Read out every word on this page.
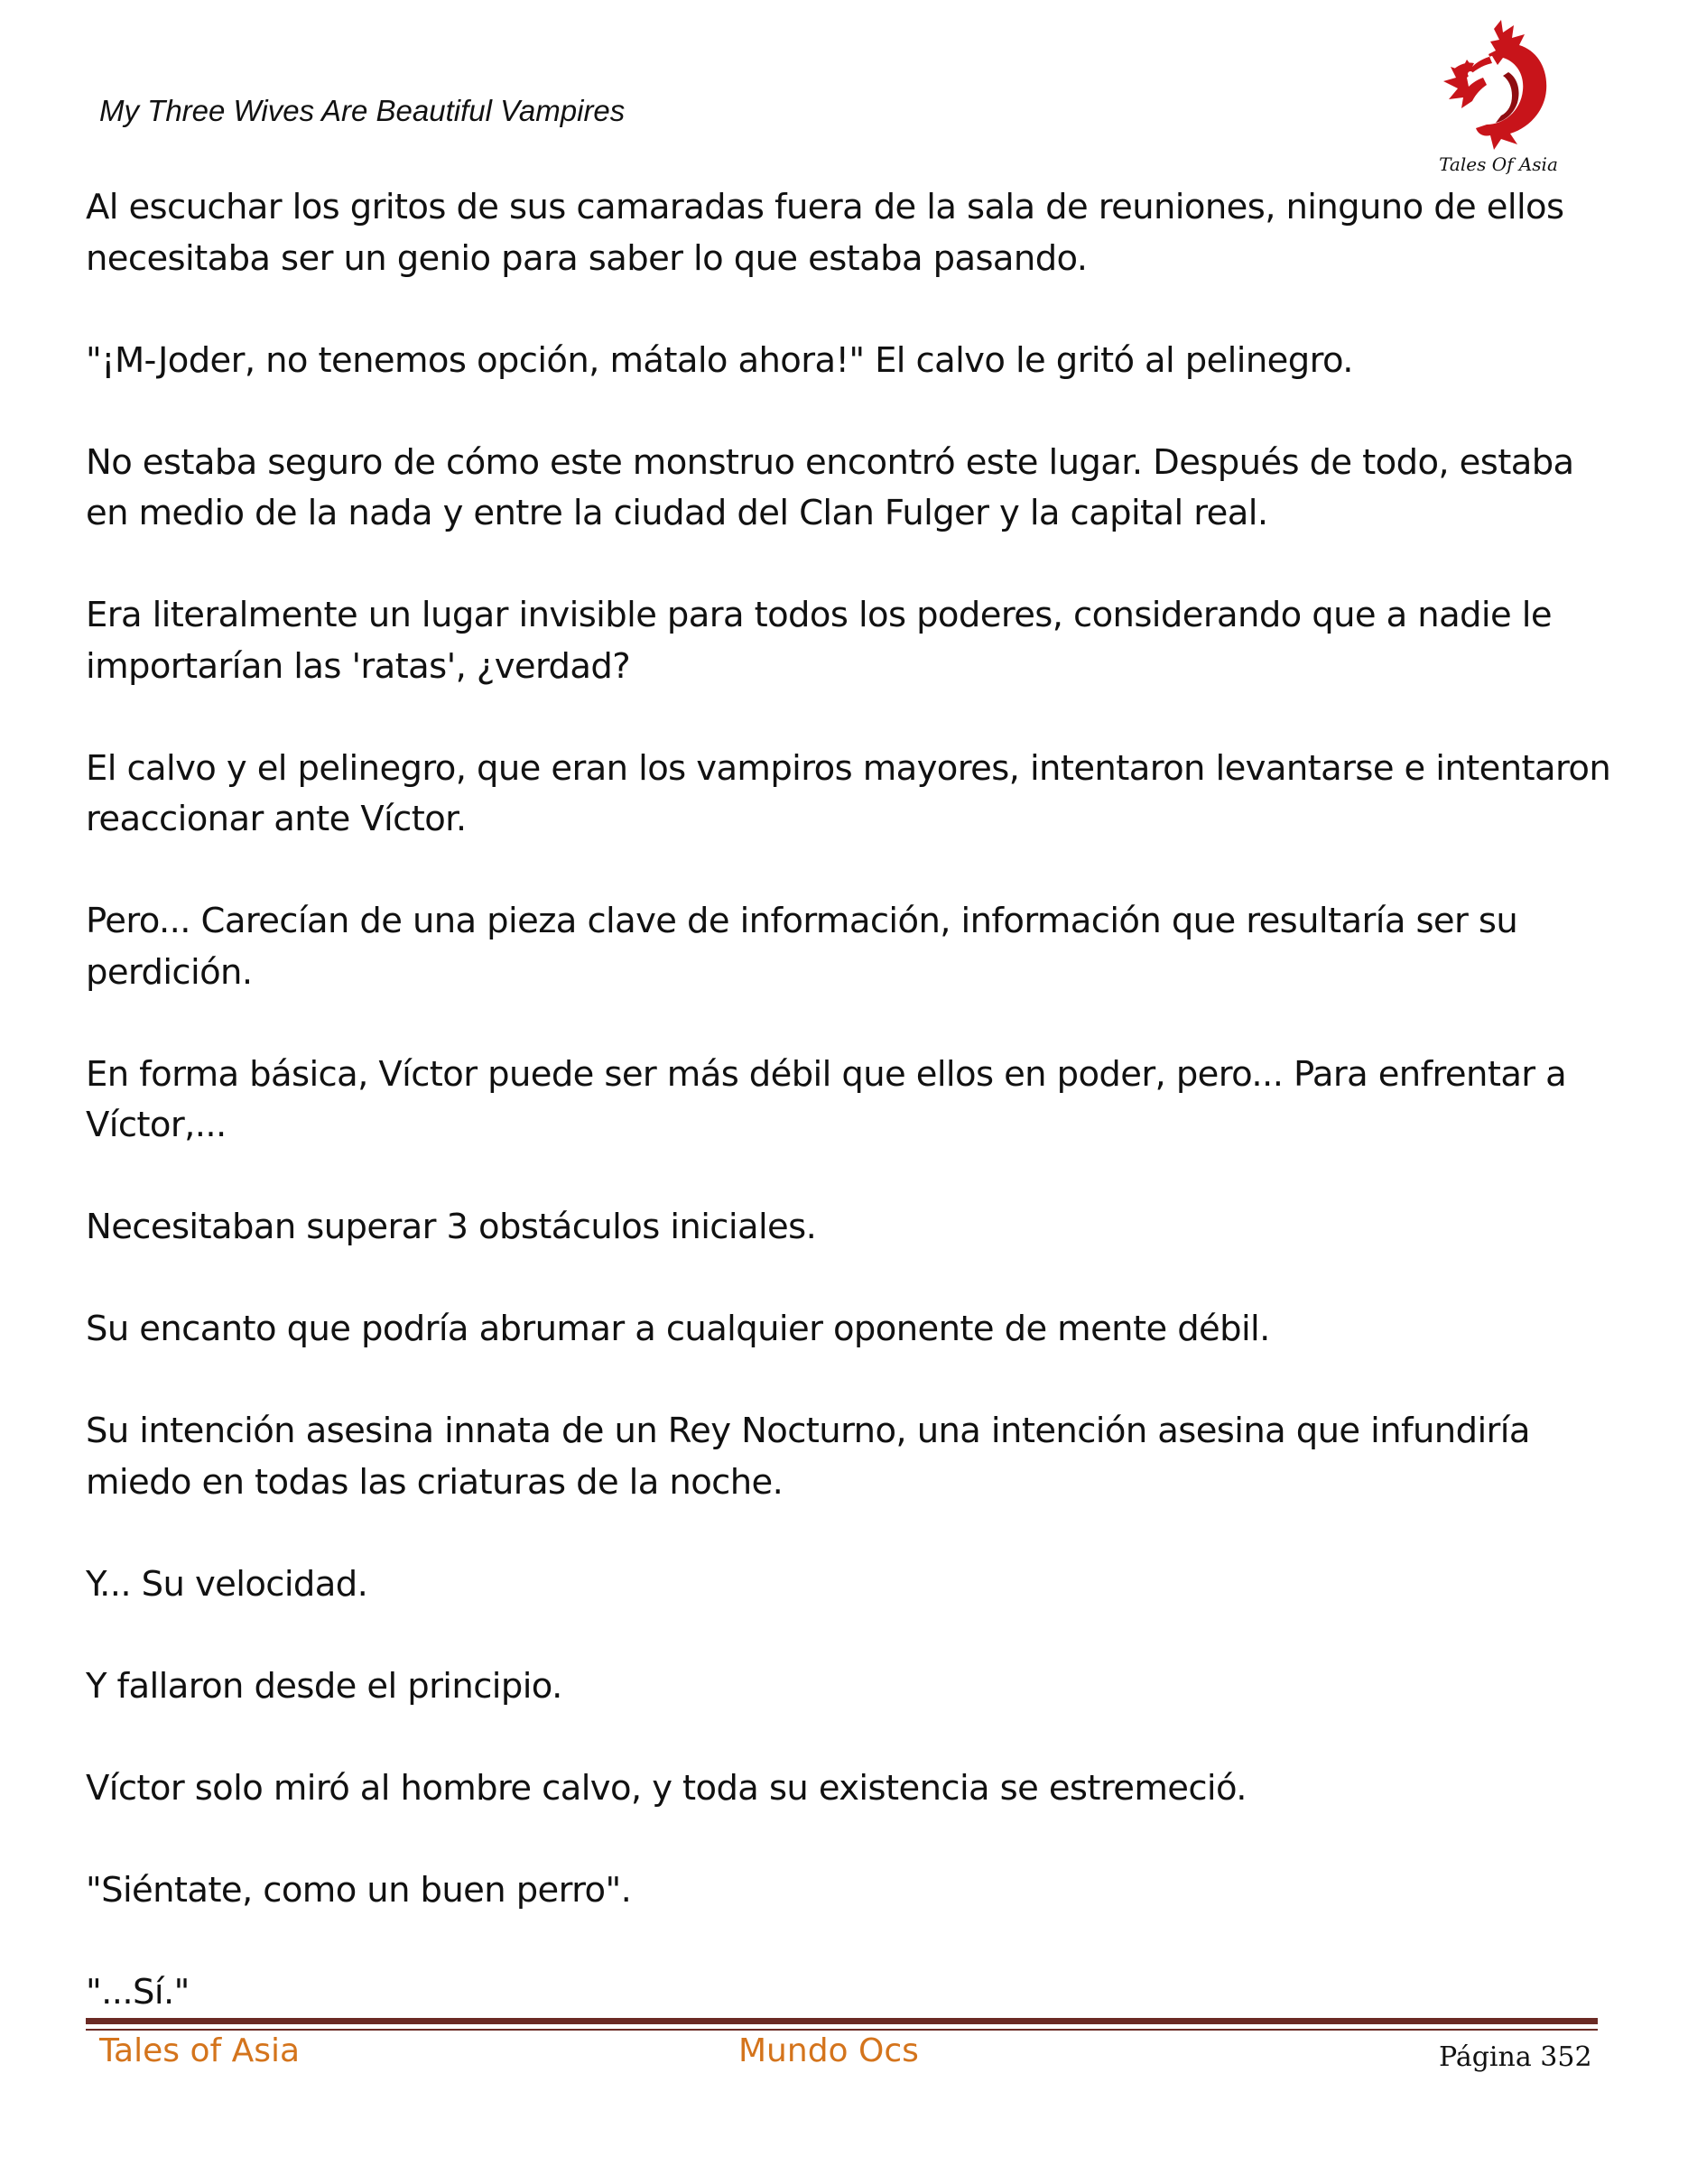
My Three Wives Are Beautiful Vampires
Tales Of Asia

Al escuchar los gritos de sus camaradas fuera de la sala de reuniones, ninguno de ellos necesitaba ser un genio para saber lo que estaba pasando.

"¡M-Joder, no tenemos opción, mátalo ahora!" El calvo le gritó al pelinegro.

No estaba seguro de cómo este monstruo encontró este lugar. Después de todo, estaba en medio de la nada y entre la ciudad del Clan Fulger y la capital real.

Era literalmente un lugar invisible para todos los poderes, considerando que a nadie le importarían las 'ratas', ¿verdad?

El calvo y el pelinegro, que eran los vampiros mayores, intentaron levantarse e intentaron reaccionar ante Víctor.

Pero... Carecían de una pieza clave de información, información que resultaría ser su perdición.

En forma básica, Víctor puede ser más débil que ellos en poder, pero... Para enfrentar a Víctor,...

Necesitaban superar 3 obstáculos iniciales.

Su encanto que podría abrumar a cualquier oponente de mente débil.

Su intención asesina innata de un Rey Nocturno, una intención asesina que infundiría miedo en todas las criaturas de la noche.

Y... Su velocidad.

Y fallaron desde el principio.

Víctor solo miró al hombre calvo, y toda su existencia se estremeció.

"Siéntate, como un buen perro".

"...Sí."

Tales of Asia	Mundo Ocs	Página 352
